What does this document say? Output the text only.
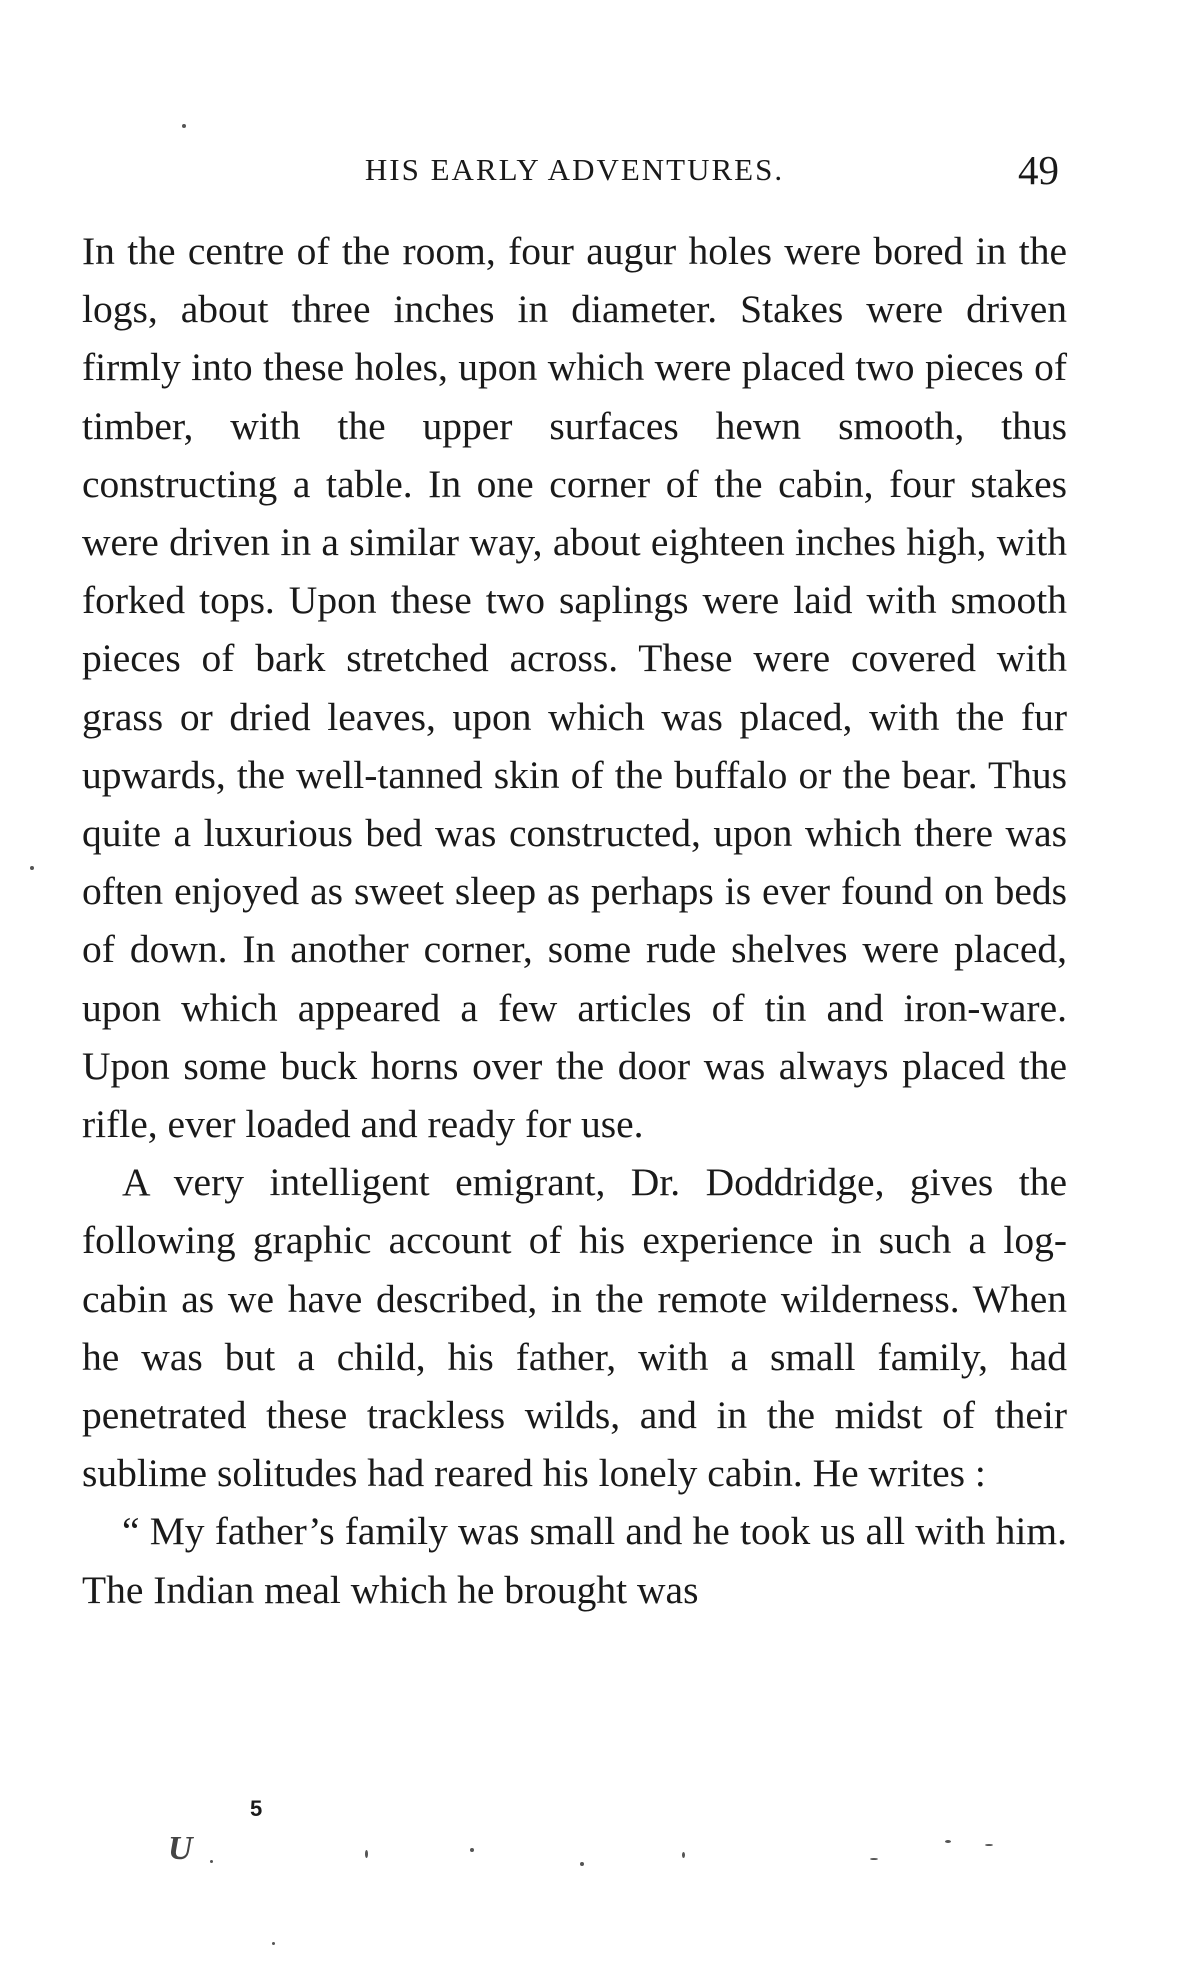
HIS EARLY ADVENTURES.	49

In the centre of the room, four augur holes were bored in the logs, about three inches in diameter. Stakes were driven firmly into these holes, upon which were placed two pieces of timber, with the upper surfaces hewn smooth, thus constructing a table. In one corner of the cabin, four stakes were driven in a similar way, about eighteen inches high, with forked tops. Upon these two saplings were laid with smooth pieces of bark stretched across. These were covered with grass or dried leaves, upon which was placed, with the fur upwards, the well-tanned skin of the buffalo or the bear. Thus quite a luxurious bed was constructed, upon which there was often enjoyed as sweet sleep as perhaps is ever found on beds of down. In another corner, some rude shelves were placed, upon which appeared a few articles of tin and iron-ware. Upon some buck horns over the door was always placed the rifle, ever loaded and ready for use.

A very intelligent emigrant, Dr. Doddridge, gives the following graphic account of his experience in such a log-cabin as we have described, in the remote wilderness. When he was but a child, his father, with a small family, had penetrated these trackless wilds, and in the midst of their sublime solitudes had reared his lonely cabin. He writes :

“ My father’s family was small and he took us all with him. The Indian meal which he brought was

5
U
